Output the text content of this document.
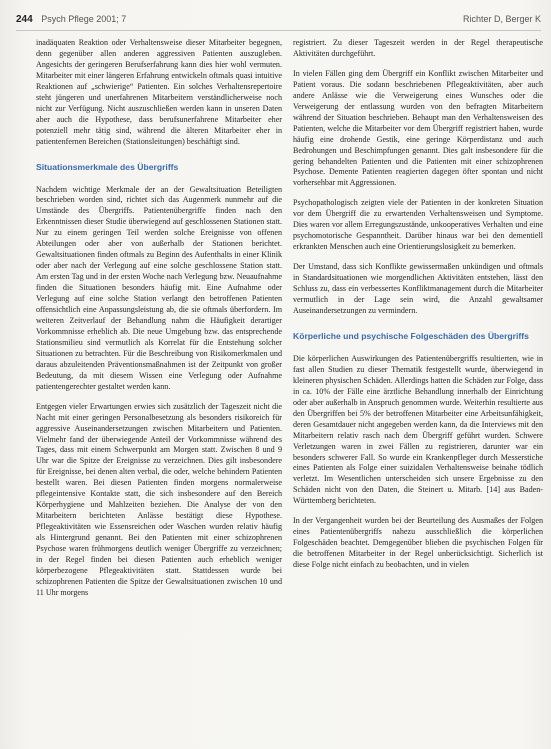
244 Psych Pflege 2001; 7	Richter D, Berger K

inadäquaten Reaktion oder Verhaltensweise dieser Mitarbeiter begegnen, denn gegenüber allen anderen aggressiven Patienten auszugleben. Angesichts der geringeren Berufserfahrung kann dies hier wohl vermuten. Mitarbeiter mit einer längeren Erfahrung entwickeln oftmals quasi intuitive Reaktionen auf „schwierige“ Patienten. Ein solches Verhaltensrepertoire steht jüngeren und unerfahrenen Mitarbeitern verständlicherweise noch nicht zur Verfügung. Nicht auszuschließen werden kann in unseren Daten aber auch die Hypothese, dass berufsunerfahrene Mitarbeiter eher potenziell mehr tätig sind, während die älteren Mitarbeiter eher in patientenfernen Bereichen (Stationsleitungen) beschäftigt sind.

Situationsmerkmale des Übergriffs

Nachdem wichtige Merkmale der an der Gewaltsituation Beteiligten beschrieben worden sind, richtet sich das Augenmerk nunmehr auf die Umstände des Übergriffs. Patientenübergriffe finden nach den Erkenntnissen dieser Studie überwiegend auf geschlossenen Stationen statt. Nur zu einem geringen Teil werden solche Ereignisse von offenen Abteilungen oder aber von außerhalb der Stationen berichtet. Gewaltsituationen finden oftmals zu Beginn des Aufenthalts in einer Klinik oder aber nach der Verlegung auf eine solche geschlossene Station statt. Am ersten Tag und in der ersten Woche nach Verlegung bzw. Neuaufnahme finden die Situationen besonders häufig mit. Eine Aufnahme oder Verlegung auf eine solche Station verlangt den betroffenen Patienten offensichtlich eine Anpassungsleistung ab, die sie oftmals überfordern. Im weiteren Zeitverlauf der Behandlung nahm die Häufigkeit derartiger Vorkommnisse erheblich ab. Die neue Umgebung bzw. das entsprechende Stationsmilieu sind vermutlich als Korrelat für die Entstehung solcher Situationen zu betrachten. Für die Beschreibung von Risikomerkmalen und daraus abzuleitenden Präventionsmaßnahmen ist der Zeitpunkt von großer Bedeutung, da mit diesem Wissen eine Verlegung oder Aufnahme patientengerechter gestaltet werden kann.

Entgegen vieler Erwartungen erwies sich zusätzlich der Tageszeit nicht die Nacht mit einer geringen Personalbesetzung als besonders risikoreich für aggressive Auseinandersetzungen zwischen Mitarbeitern und Patienten. Vielmehr fand der überwiegende Anteil der Vorkommnisse während des Tages, dass mit einem Schwerpunkt am Morgen statt. Zwischen 8 und 9 Uhr war die Spitze der Ereignisse zu verzeichnen. Dies gilt insbesondere für Ereignisse, bei denen alten verbal, die oder, welche behindern Patienten bestellt waren. Bei diesen Patienten finden morgens normalerweise pflegeintensive Kontakte statt, die sich insbesondere auf den Bereich Körperhygiene und Mahlzeiten beziehen. Die Analyse der von den Mitarbeitern berichteten Anlässe bestätigt diese Hypothese. Pflegeaktivitäten wie Essensreichen oder Waschen wurden relativ häufig als Hintergrund genannt. Bei den Patienten mit einer schizophrenen Psychose waren frühmorgens deutlich weniger Übergriffe zu verzeichnen; in der Regel finden bei diesen Patienten auch erheblich weniger körperbezogene Pflegeaktivitäten statt. Stattdessen wurde bei schizophrenen Patienten die Spitze der Gewaltsituationen zwischen 10 und 11 Uhr morgens

registriert. Zu dieser Tageszeit werden in der Regel therapeutische Aktivitäten durchgeführt.

In vielen Fällen ging dem Übergriff ein Konflikt zwischen Mitarbeiter und Patient voraus. Die sodann beschriebenen Pflegeaktivitäten, aber auch andere Anlässe wie die Verweigerung eines Wunsches oder die Verweigerung der entlassung wurden von den befragten Mitarbeitern während der Situation beschrieben. Behaupt man den Verhaltensweisen des Patienten, welche die Mitarbeiter vor dem Übergriff registriert haben, wurde häufig eine drohende Gestik, eine geringe Körperdistanz und auch Bedrohungen und Beschimpfungen genannt. Dies galt insbesondere für die gering behandelten Patienten und die Patienten mit einer schizophrenen Psychose. Demente Patienten reagierten dagegen öfter spontan und nicht vorhersehbar mit Aggressionen.

Psychopathologisch zeigten viele der Patienten in der konkreten Situation vor dem Übergriff die zu erwartenden Verhaltensweisen und Symptome. Dies waren vor allem Erregungszustände, unkooperatives Verhalten und eine psychomotorische Gespanntheit. Darüber hinaus war bei den dementiell erkrankten Menschen auch eine Orientierungslosigkeit zu bemerken.

Der Umstand, dass sich Konflikte gewissermaßen unkündigen und oftmals in Standardsituationen wie morgendlichen Aktivitäten entstehen, lässt den Schluss zu, dass ein verbessertes Konfliktmanagement durch die Mitarbeiter vermutlich in der Lage sein wird, die Anzahl gewaltsamer Auseinandersetzungen zu vermindern.

Körperliche und psychische Folgeschäden des Übergriffs

Die körperlichen Auswirkungen des Patientenübergriffs resultierten, wie in fast allen Studien zu dieser Thematik festgestellt wurde, überwiegend in kleineren physischen Schäden. Allerdings hatten die Schäden zur Folge, dass in ca. 10% der Fälle eine ärztliche Behandlung innerhalb der Einrichtung oder aber außerhalb in Anspruch genommen wurde. Weiterhin resultierte aus den Übergriffen bei 5% der betroffenen Mitarbeiter eine Arbeitsunfähigkeit, deren Gesamtdauer nicht angegeben werden kann, da die Interviews mit den Mitarbeitern relativ rasch nach dem Übergriff geführt wurden. Schwere Verletzungen waren in zwei Fällen zu registrieren, darunter war ein besonders schwerer Fall. So wurde ein Krankenpfleger durch Messerstiche eines Patienten als Folge einer suizidalen Verhaltensweise beinahe tödlich verletzt. Im Wesentlichen unterscheiden sich unsere Ergebnisse zu den Schäden nicht von den Daten, die Steinert u. Mitarb. [14] aus Baden-Württemberg berichteten.

In der Vergangenheit wurden bei der Beurteilung des Ausmaßes der Folgen eines Patientenübergriffs nahezu ausschließlich die körperlichen Folgeschäden beachtet. Demgegenüber blieben die psychischen Folgen für die betroffenen Mitarbeiter in der Regel unberücksichtigt. Sicherlich ist diese Folge nicht einfach zu beobachten, und in vielen
